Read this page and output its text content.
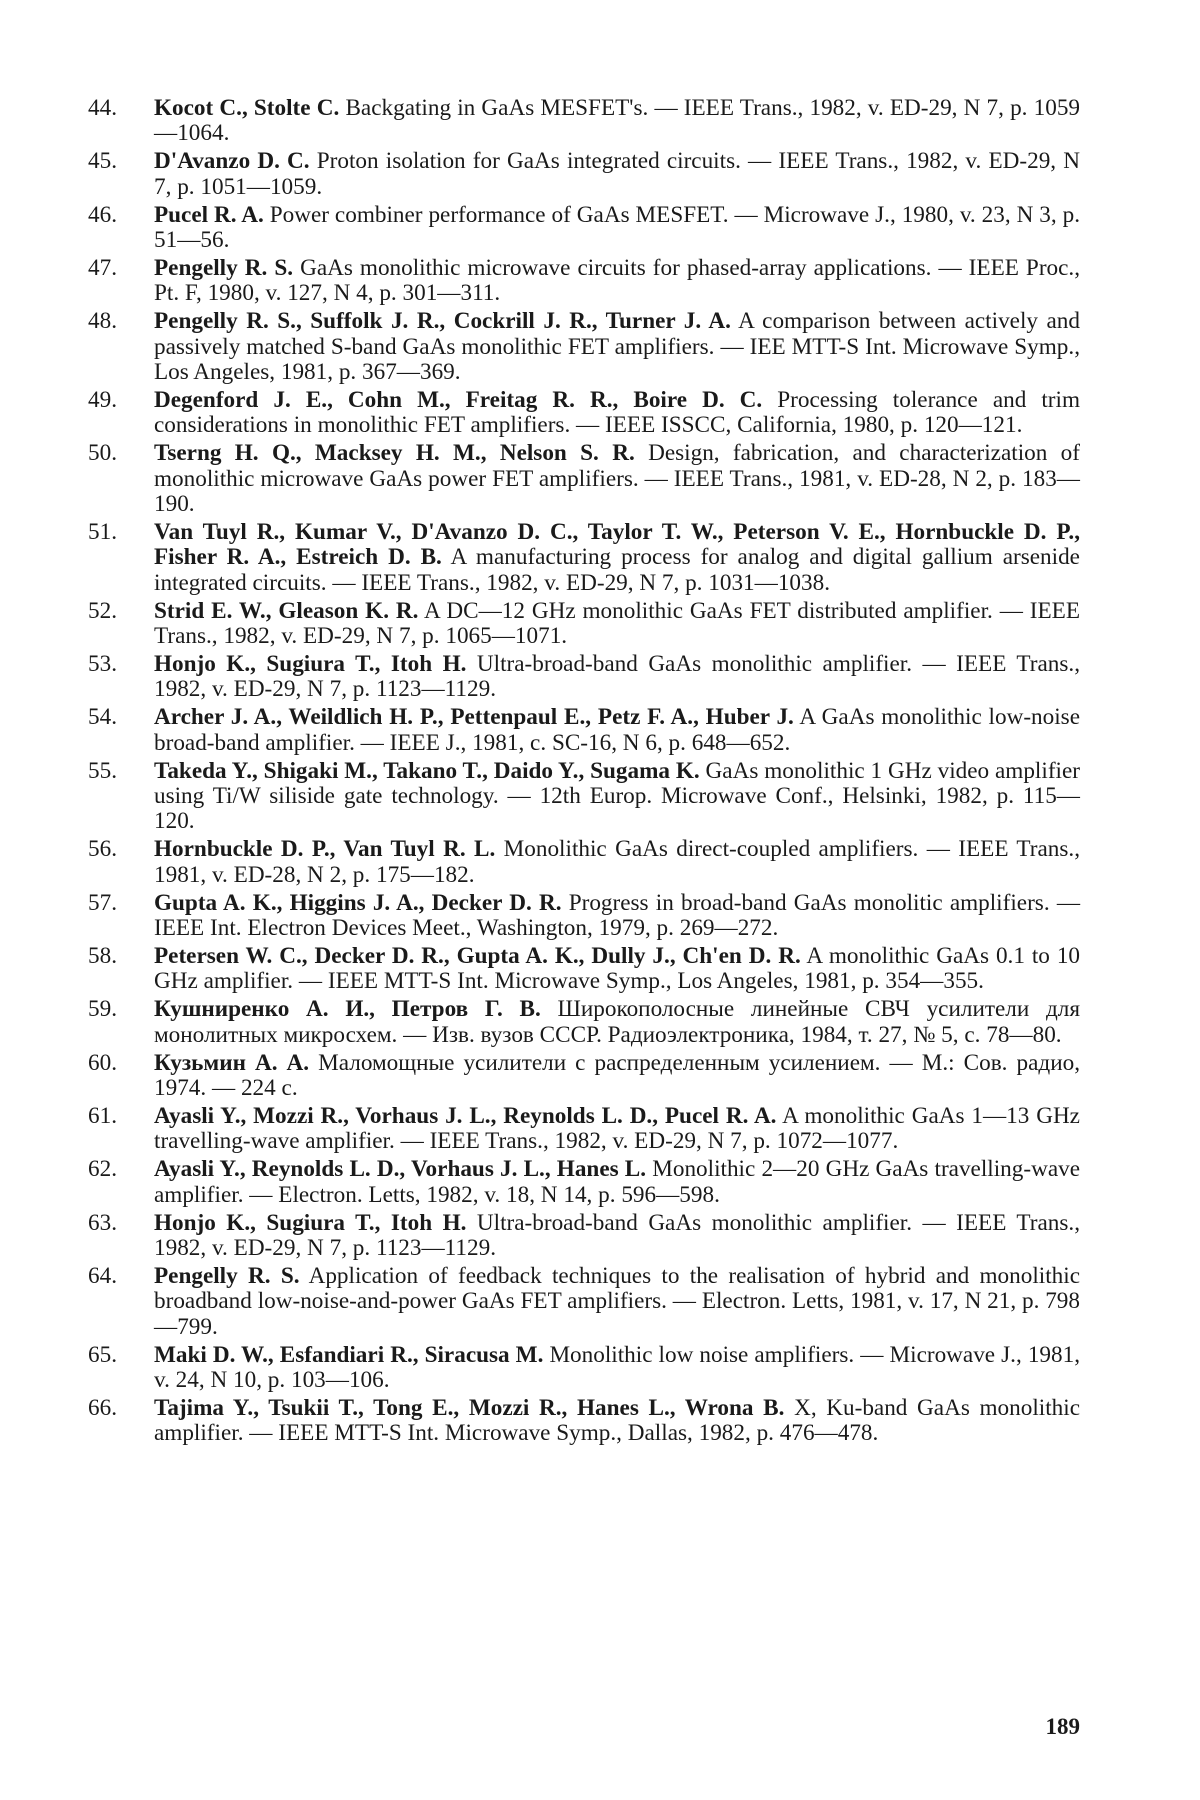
44. Kocot C., Stolte C. Backgating in GaAs MESFET's. — IEEE Trans., 1982, v. ED-29, N 7, p. 1059—1064.

45. D'Avanzo D. C. Proton isolation for GaAs integrated circuits. — IEEE Trans., 1982, v. ED-29, N 7, p. 1051—1059.

46. Pucel R. A. Power combiner performance of GaAs MESFET. — Microwave J., 1980, v. 23, N 3, p. 51—56.

47. Pengelly R. S. GaAs monolithic microwave circuits for phased-array applications. — IEEE Proc., Pt. F, 1980, v. 127, N 4, p. 301—311.

48. Pengelly R. S., Suffolk J. R., Cockrill J. R., Turner J. A. A comparison between actively and passively matched S-band GaAs monolithic FET amplifiers. — IEE MTT-S Int. Microwave Symp., Los Angeles, 1981, p. 367—369.

49. Degenford J. E., Cohn M., Freitag R. R., Boire D. C. Processing tolerance and trim considerations in monolithic FET amplifiers. — IEEE ISSCC, California, 1980, p. 120—121.

50. Tserng H. Q., Macksey H. M., Nelson S. R. Design, fabrication, and characterization of monolithic microwave GaAs power FET amplifiers. — IEEE Trans., 1981, v. ED-28, N 2, p. 183—190.

51. Van Tuyl R., Kumar V., D'Avanzo D. C., Taylor T. W., Peterson V. E., Hornbuckle D. P., Fisher R. A., Estreich D. B. A manufacturing process for analog and digital gallium arsenide integrated circuits. — IEEE Trans., 1982, v. ED-29, N 7, p. 1031—1038.

52. Strid E. W., Gleason K. R. A DC—12 GHz monolithic GaAs FET distributed amplifier. — IEEE Trans., 1982, v. ED-29, N 7, p. 1065—1071.

53. Honjo K., Sugiura T., Itoh H. Ultra-broad-band GaAs monolithic amplifier. — IEEE Trans., 1982, v. ED-29, N 7, p. 1123—1129.

54. Archer J. A., Weildlich H. P., Pettenpaul E., Petz F. A., Huber J. A GaAs monolithic low-noise broad-band amplifier. — IEEE J., 1981, c. SC-16, N 6, p. 648—652.

55. Takeda Y., Shigaki M., Takano T., Daido Y., Sugama K. GaAs monolithic 1 GHz video amplifier using Ti/W siliside gate technology. — 12th Europ. Microwave Conf., Helsinki, 1982, p. 115—120.

56. Hornbuckle D. P., Van Tuyl R. L. Monolithic GaAs direct-coupled amplifiers. — IEEE Trans., 1981, v. ED-28, N 2, p. 175—182.

57. Gupta A. K., Higgins J. A., Decker D. R. Progress in broad-band GaAs monolitic amplifiers. — IEEE Int. Electron Devices Meet., Washington, 1979, p. 269—272.

58. Petersen W. C., Decker D. R., Gupta A. K., Dully J., Ch'en D. R. A monolithic GaAs 0.1 to 10 GHz amplifier. — IEEE MTT-S Int. Microwave Symp., Los Angeles, 1981, p. 354—355.

59. Кушниренко А. И., Петров Г. В. Широкополосные линейные СВЧ усилители для монолитных микросхем. — Изв. вузов СССР. Радиоэлектроника, 1984, т. 27, № 5, с. 78—80.

60. Кузьмин А. А. Маломощные усилители с распределенным усилением. — М.: Сов. радио, 1974. — 224 с.

61. Ayasli Y., Mozzi R., Vorhaus J. L., Reynolds L. D., Pucel R. A. A monolithic GaAs 1—13 GHz travelling-wave amplifier. — IEEE Trans., 1982, v. ED-29, N 7, p. 1072—1077.

62. Ayasli Y., Reynolds L. D., Vorhaus J. L., Hanes L. Monolithic 2—20 GHz GaAs travelling-wave amplifier. — Electron. Letts, 1982, v. 18, N 14, p. 596—598.

63. Honjo K., Sugiura T., Itoh H. Ultra-broad-band GaAs monolithic amplifier. — IEEE Trans., 1982, v. ED-29, N 7, p. 1123—1129.

64. Pengelly R. S. Application of feedback techniques to the realisation of hybrid and monolithic broadband low-noise-and-power GaAs FET amplifiers. — Electron. Letts, 1981, v. 17, N 21, p. 798—799.

65. Maki D. W., Esfandiari R., Siracusa M. Monolithic low noise amplifiers. — Microwave J., 1981, v. 24, N 10, p. 103—106.

66. Tajima Y., Tsukii T., Tong E., Mozzi R., Hanes L., Wrona B. X, Ku-band GaAs monolithic amplifier. — IEEE MTT-S Int. Microwave Symp., Dallas, 1982, p. 476—478.

189
